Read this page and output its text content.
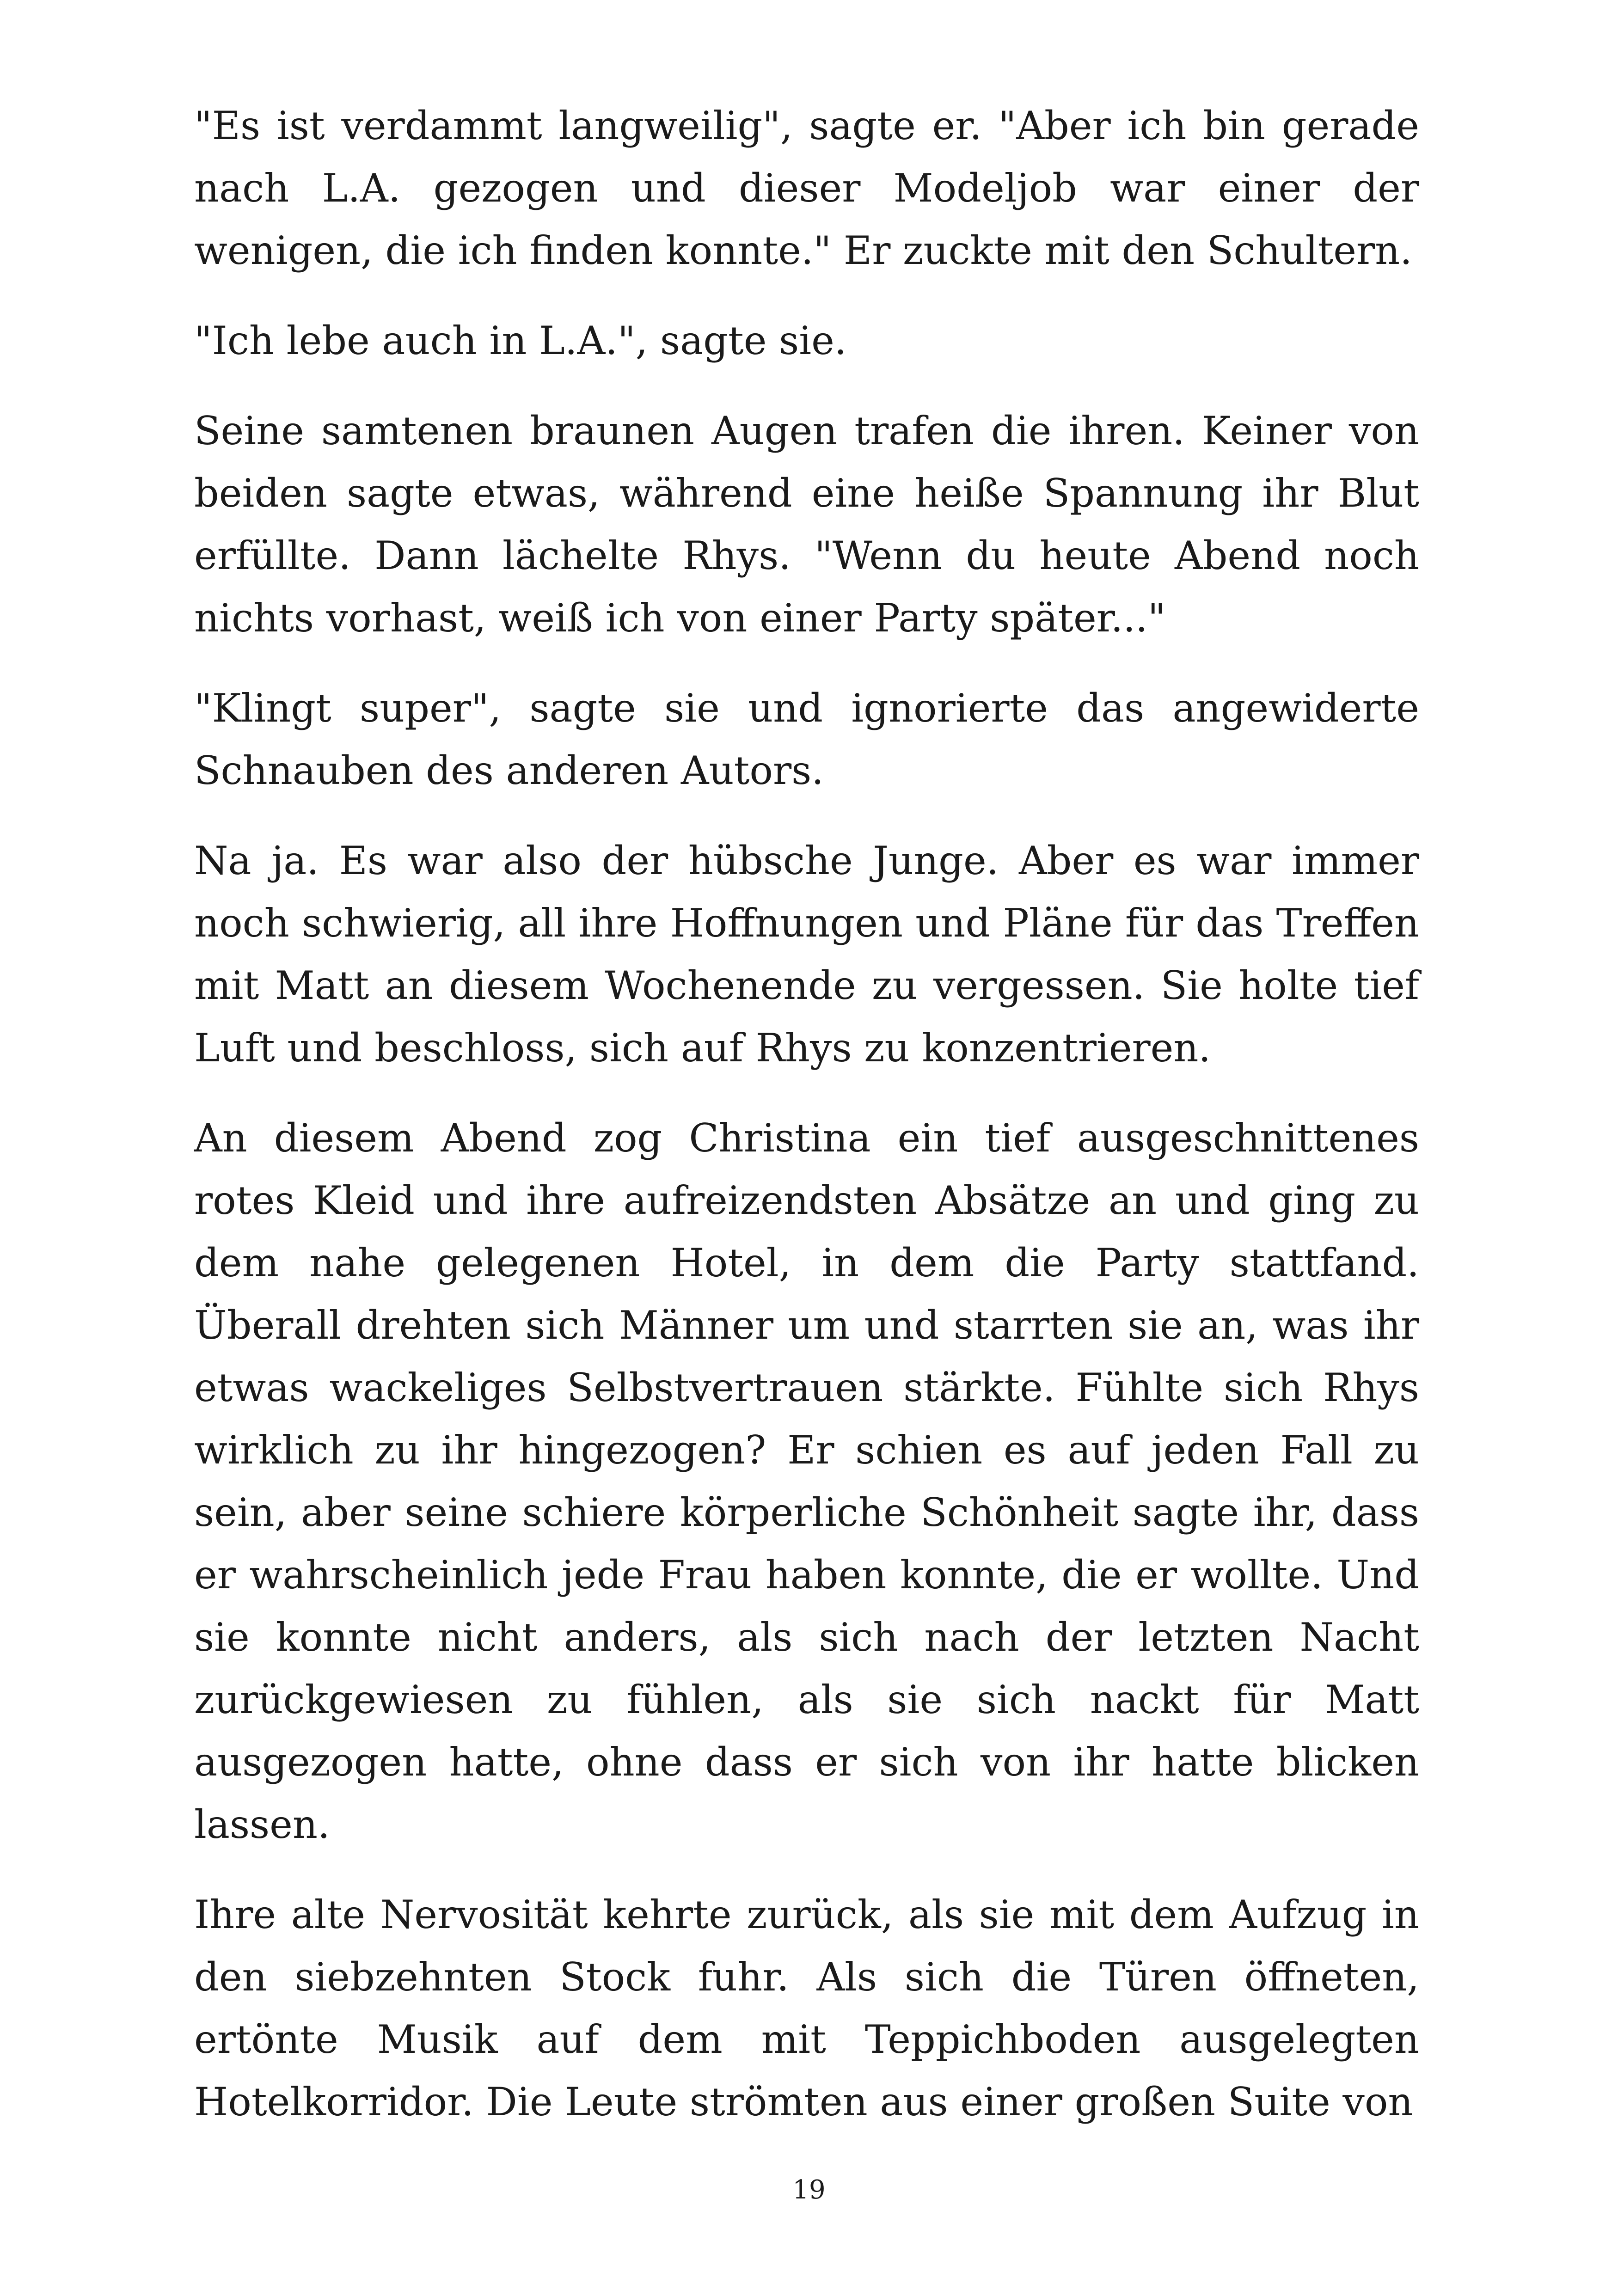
"Es ist verdammt langweilig", sagte er. "Aber ich bin gerade nach L.A. gezogen und dieser Modeljob war einer der wenigen, die ich finden konnte." Er zuckte mit den Schultern.

"Ich lebe auch in L.A.", sagte sie.

Seine samtenen braunen Augen trafen die ihren. Keiner von beiden sagte etwas, während eine heiße Spannung ihr Blut erfüllte. Dann lächelte Rhys. "Wenn du heute Abend noch nichts vorhast, weiß ich von einer Party später..."

"Klingt super", sagte sie und ignorierte das angewiderte Schnauben des anderen Autors.

Na ja. Es war also der hübsche Junge. Aber es war immer noch schwierig, all ihre Hoffnungen und Pläne für das Treffen mit Matt an diesem Wochenende zu vergessen. Sie holte tief Luft und beschloss, sich auf Rhys zu konzentrieren.

An diesem Abend zog Christina ein tief ausgeschnittenes rotes Kleid und ihre aufreizendsten Absätze an und ging zu dem nahe gelegenen Hotel, in dem die Party stattfand. Überall drehten sich Männer um und starrten sie an, was ihr etwas wackeliges Selbstvertrauen stärkte. Fühlte sich Rhys wirklich zu ihr hingezogen? Er schien es auf jeden Fall zu sein, aber seine schiere körperliche Schönheit sagte ihr, dass er wahrscheinlich jede Frau haben konnte, die er wollte. Und sie konnte nicht anders, als sich nach der letzten Nacht zurückgewiesen zu fühlen, als sie sich nackt für Matt ausgezogen hatte, ohne dass er sich von ihr hatte blicken lassen.

Ihre alte Nervosität kehrte zurück, als sie mit dem Aufzug in den siebzehnten Stock fuhr. Als sich die Türen öffneten, ertönte Musik auf dem mit Teppichboden ausgelegten Hotelkorridor. Die Leute strömten aus einer großen Suite von

19
